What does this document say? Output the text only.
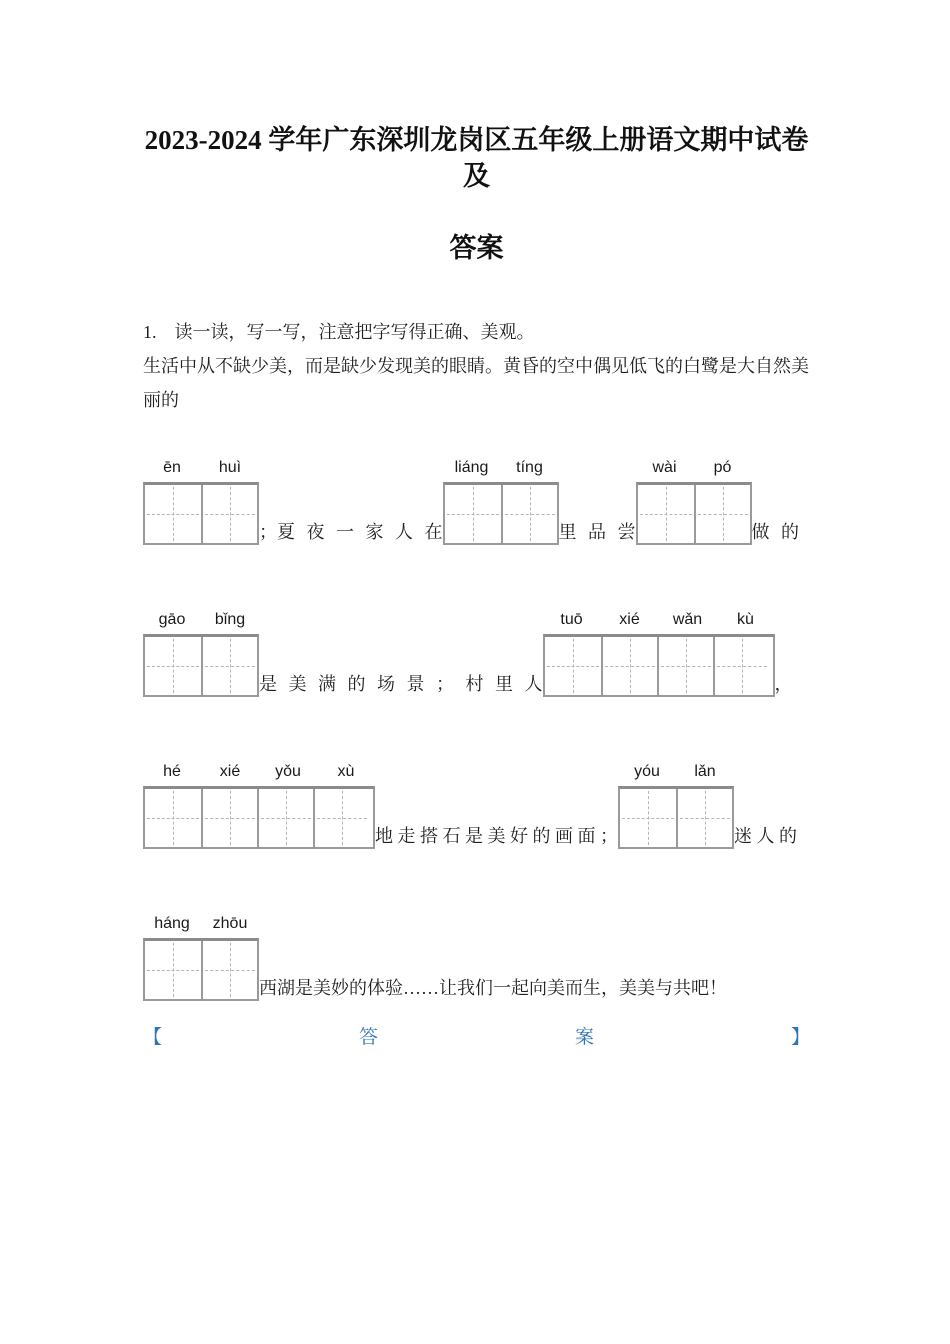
2023-2024 学年广东深圳龙岗区五年级上册语文期中试卷及
答案

1.　读一读，写一写，注意把字写得正确、美观。

生活中从不缺少美，而是缺少发现美的眼睛。黄昏的空中偶见低飞的白鹭是大自然美丽的

ēn	huì
；夏 夜 一 家 人 在
liáng	tíng
里 品 尝
wài	pó
做 的
gāo	bǐng
是 美 满 的 场 景 ； 村 里 人
tuō	xié	wǎn	kù
，
hé	xié	yǒu	xù
地 走 搭 石 是 美 好 的 画 面 ；
yóu	lǎn
迷 人 的
háng	zhōu
西湖是美妙的体验……让我们一起向美而生，美美与共吧！
【	答	案	】
